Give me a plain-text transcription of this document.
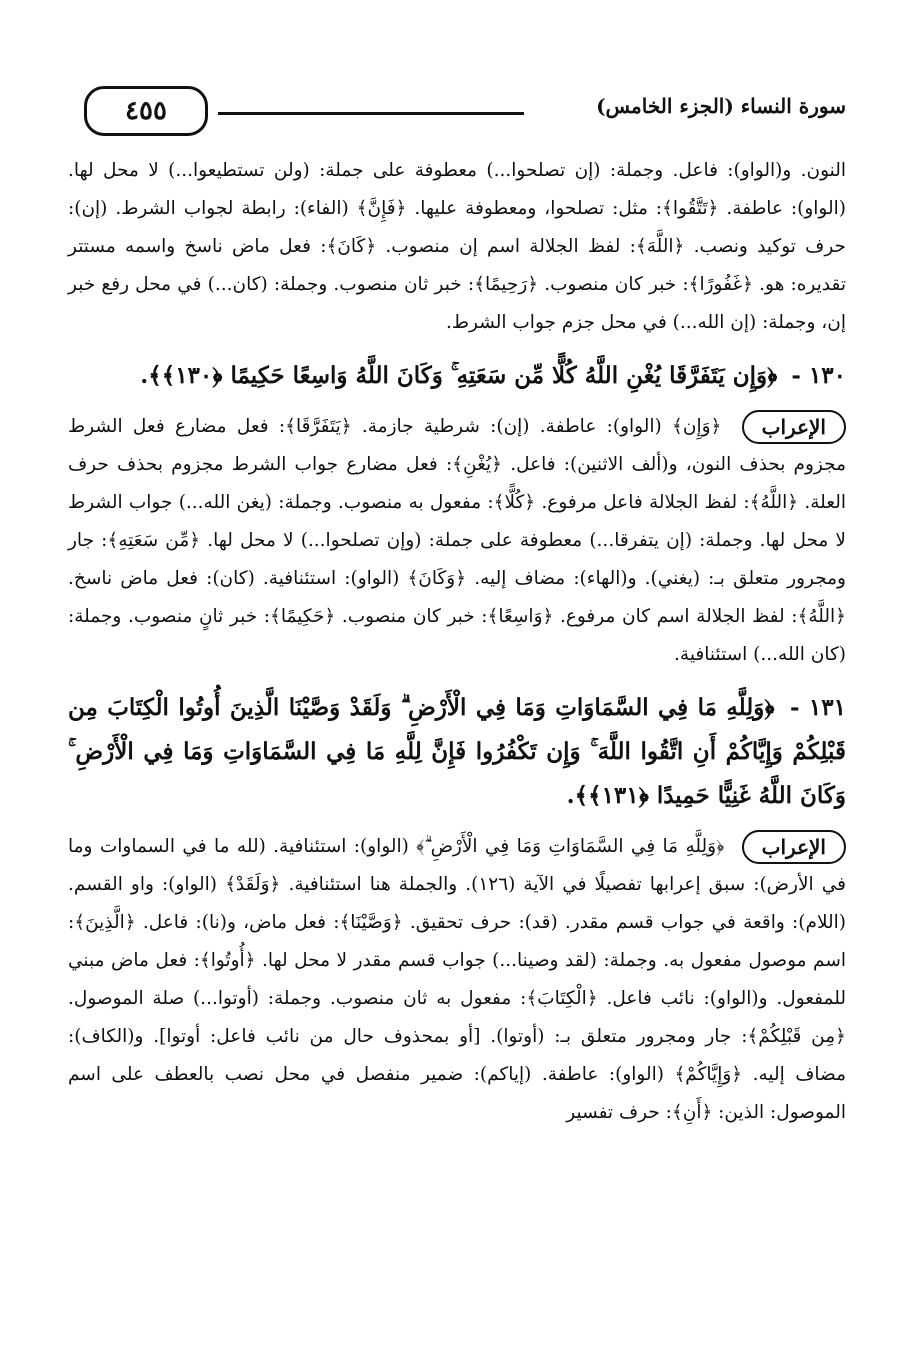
٤٥٥	سورة النساء (الجزء الخامس)

النون. و(الواو): فاعل. وجملة: (إن تصلحوا...) معطوفة على جملة: (ولن تستطيعوا...) لا محل لها. (الواو): عاطفة. ﴿تَتَّقُوا﴾: مثل: تصلحوا، ومعطوفة عليها. ﴿فَإِنَّ﴾ (الفاء): رابطة لجواب الشرط. (إن): حرف توكيد ونصب. ﴿اللَّهَ﴾: لفظ الجلالة اسم إن منصوب. ﴿كَانَ﴾: فعل ماض ناسخ واسمه مستتر تقديره: هو. ﴿غَفُورًا﴾: خبر كان منصوب. ﴿رَحِيمًا﴾: خبر ثان منصوب. وجملة: (كان...) في محل رفع خبر إن، وجملة: (إن الله...) في محل جزم جواب الشرط.

١٣٠ - ﴿وَإِن يَتَفَرَّقَا يُغْنِ اللَّهُ كُلًّا مِّن سَعَتِهِ ۚ وَكَانَ اللَّهُ وَاسِعًا حَكِيمًا ﴿١٣٠﴾﴾.

الإعراب ﴿وَإِن﴾ (الواو): عاطفة. (إن): شرطية جازمة. ﴿يَتَفَرَّقَا﴾: فعل مضارع فعل الشرط مجزوم بحذف النون، و(ألف الاثنين): فاعل. ﴿يُغْنِ﴾: فعل مضارع جواب الشرط مجزوم بحذف حرف العلة. ﴿اللَّهُ﴾: لفظ الجلالة فاعل مرفوع. ﴿كُلًّا﴾: مفعول به منصوب. وجملة: (يغن الله...) جواب الشرط لا محل لها. وجملة: (إن يتفرقا...) معطوفة على جملة: (وإن تصلحوا...) لا محل لها. ﴿مِّن سَعَتِهِ﴾: جار ومجرور متعلق بـ: (يغني). و(الهاء): مضاف إليه. ﴿وَكَانَ﴾ (الواو): استئنافية. (كان): فعل ماض ناسخ. ﴿اللَّهُ﴾: لفظ الجلالة اسم كان مرفوع. ﴿وَاسِعًا﴾: خبر كان منصوب. ﴿حَكِيمًا﴾: خبر ثانٍ منصوب. وجملة: (كان الله...) استئنافية.

١٣١ - ﴿وَلِلَّهِ مَا فِي السَّمَاوَاتِ وَمَا فِي الْأَرْضِ ۗ وَلَقَدْ وَصَّيْنَا الَّذِينَ أُوتُوا الْكِتَابَ مِن قَبْلِكُمْ وَإِيَّاكُمْ أَنِ اتَّقُوا اللَّهَ ۚ وَإِن تَكْفُرُوا فَإِنَّ لِلَّهِ مَا فِي السَّمَاوَاتِ وَمَا فِي الْأَرْضِ ۚ وَكَانَ اللَّهُ غَنِيًّا حَمِيدًا ﴿١٣١﴾﴾.

الإعراب ﴿وَلِلَّهِ مَا فِي السَّمَاوَاتِ وَمَا فِي الْأَرْضِ ۗ﴾ (الواو): استئنافية. (لله ما في السماوات وما في الأرض): سبق إعرابها تفصيلًا في الآية (١٢٦). والجملة هنا استئنافية. ﴿وَلَقَدْ﴾ (الواو): واو القسم. (اللام): واقعة في جواب قسم مقدر. (قد): حرف تحقيق. ﴿وَصَّيْنَا﴾: فعل ماض، و(نا): فاعل. ﴿الَّذِينَ﴾: اسم موصول مفعول به. وجملة: (لقد وصينا...) جواب قسم مقدر لا محل لها. ﴿أُوتُوا﴾: فعل ماض مبني للمفعول. و(الواو): نائب فاعل. ﴿الْكِتَابَ﴾: مفعول به ثان منصوب. وجملة: (أوتوا...) صلة الموصول. ﴿مِن قَبْلِكُمْ﴾: جار ومجرور متعلق بـ: (أوتوا). [أو بمحذوف حال من نائب فاعل: أوتوا]. و(الكاف): مضاف إليه. ﴿وَإِيَّاكُمْ﴾ (الواو): عاطفة. (إياكم): ضمير منفصل في محل نصب بالعطف على اسم الموصول: الذين: ﴿أَنِ﴾: حرف تفسير
